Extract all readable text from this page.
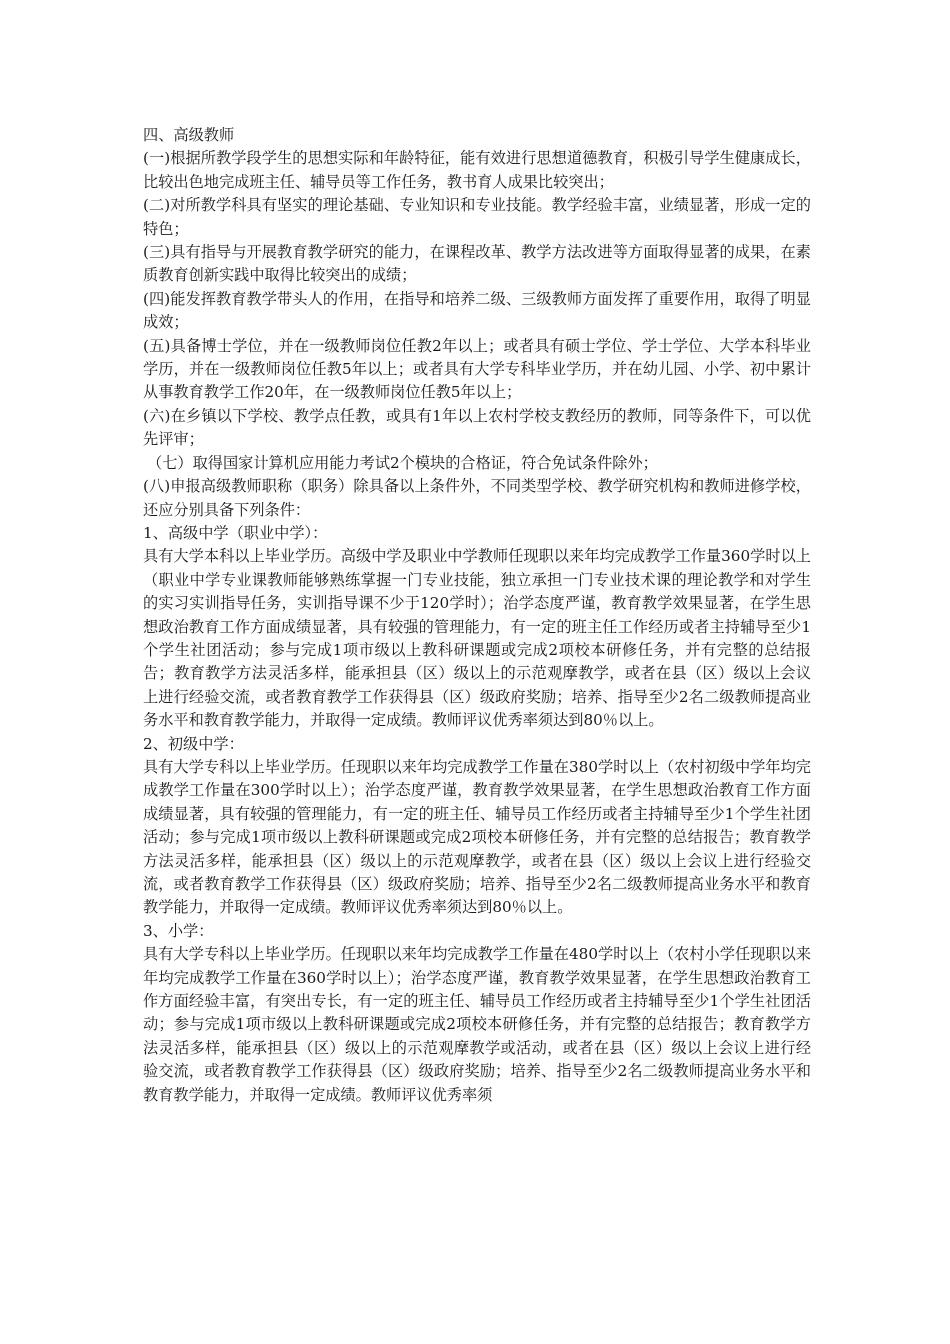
四、高级教师

(一)根据所教学段学生的思想实际和年龄特征，能有效进行思想道德教育，积极引导学生健康成长，比较出色地完成班主任、辅导员等工作任务，教书育人成果比较突出；

(二)对所教学科具有坚实的理论基础、专业知识和专业技能。教学经验丰富，业绩显著，形成一定的特色；

(三)具有指导与开展教育教学研究的能力，在课程改革、教学方法改进等方面取得显著的成果，在素质教育创新实践中取得比较突出的成绩；

(四)能发挥教育教学带头人的作用，在指导和培养二级、三级教师方面发挥了重要作用，取得了明显成效；

(五)具备博士学位，并在一级教师岗位任教2年以上；或者具有硕士学位、学士学位、大学本科毕业学历，并在一级教师岗位任教5年以上；或者具有大学专科毕业学历，并在幼儿园、小学、初中累计从事教育教学工作20年，在一级教师岗位任教5年以上；

(六)在乡镇以下学校、教学点任教，或具有1年以上农村学校支教经历的教师，同等条件下，可以优先评审；

（七）取得国家计算机应用能力考试2个模块的合格证，符合免试条件除外；

(八)申报高级教师职称（职务）除具备以上条件外，不同类型学校、教学研究机构和教师进修学校，还应分别具备下列条件：

1、高级中学（职业中学）：

具有大学本科以上毕业学历。高级中学及职业中学教师任现职以来年均完成教学工作量360学时以上（职业中学专业课教师能够熟练掌握一门专业技能，独立承担一门专业技术课的理论教学和对学生的实习实训指导任务，实训指导课不少于120学时）；治学态度严谨，教育教学效果显著，在学生思想政治教育工作方面成绩显著，具有较强的管理能力，有一定的班主任工作经历或者主持辅导至少1个学生社团活动；参与完成1项市级以上教科研课题或完成2项校本研修任务，并有完整的总结报告；教育教学方法灵活多样，能承担县（区）级以上的示范观摩教学，或者在县（区）级以上会议上进行经验交流，或者教育教学工作获得县（区）级政府奖励；培养、指导至少2名二级教师提高业务水平和教育教学能力，并取得一定成绩。教师评议优秀率须达到80％以上。

2、初级中学：

具有大学专科以上毕业学历。任现职以来年均完成教学工作量在380学时以上（农村初级中学年均完成教学工作量在300学时以上）；治学态度严谨，教育教学效果显著，在学生思想政治教育工作方面成绩显著，具有较强的管理能力，有一定的班主任、辅导员工作经历或者主持辅导至少1个学生社团活动；参与完成1项市级以上教科研课题或完成2项校本研修任务，并有完整的总结报告；教育教学方法灵活多样，能承担县（区）级以上的示范观摩教学，或者在县（区）级以上会议上进行经验交流，或者教育教学工作获得县（区）级政府奖励；培养、指导至少2名二级教师提高业务水平和教育教学能力，并取得一定成绩。教师评议优秀率须达到80％以上。

3、小学：

具有大学专科以上毕业学历。任现职以来年均完成教学工作量在480学时以上（农村小学任现职以来年均完成教学工作量在360学时以上）；治学态度严谨，教育教学效果显著，在学生思想政治教育工作方面经验丰富，有突出专长，有一定的班主任、辅导员工作经历或者主持辅导至少1个学生社团活动；参与完成1项市级以上教科研课题或完成2项校本研修任务，并有完整的总结报告；教育教学方法灵活多样，能承担县（区）级以上的示范观摩教学或活动，或者在县（区）级以上会议上进行经验交流，或者教育教学工作获得县（区）级政府奖励；培养、指导至少2名二级教师提高业务水平和教育教学能力，并取得一定成绩。教师评议优秀率须
